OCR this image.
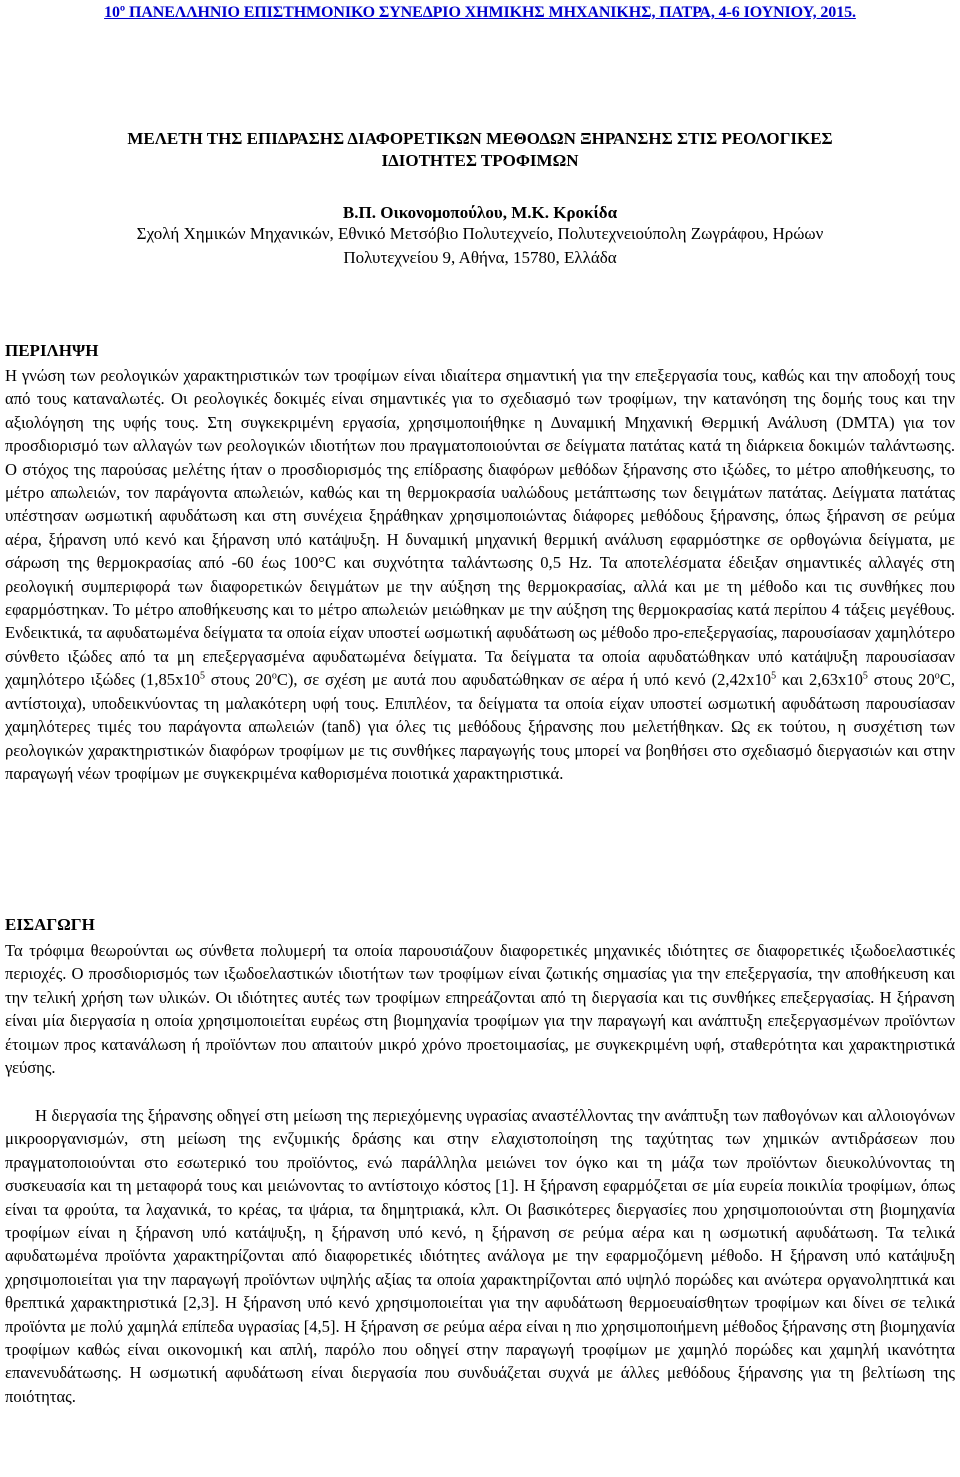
10º ΠΑΝΕΛΛΗΝΙΟ ΕΠΙΣΤΗΜΟΝΙΚΟ ΣΥΝΕΔΡΙΟ ΧΗΜΙΚΗΣ ΜΗΧΑΝΙΚΗΣ, ΠΑΤΡΑ, 4-6 ΙΟΥΝΙΟΥ, 2015.
ΜΕΛΕΤΗ ΤΗΣ ΕΠΙΔΡΑΣΗΣ ΔΙΑΦΟΡΕΤΙΚΩΝ ΜΕΘΟΔΩΝ ΞΗΡΑΝΣΗΣ ΣΤΙΣ ΡΕΟΛΟΓΙΚΕΣ
ΙΔΙΟΤΗΤΕΣ ΤΡΟΦΙΜΩΝ
Β.Π. Οικονομοπούλου, Μ.Κ. Κροκίδα
Σχολή Χημικών Μηχανικών, Εθνικό Μετσόβιο Πολυτεχνείο, Πολυτεχνειούπολη Ζωγράφου, Ηρώων
Πολυτεχνείου 9, Αθήνα, 15780, Ελλάδα
ΠΕΡΙΛΗΨΗ
Η γνώση των ρεολογικών χαρακτηριστικών των τροφίμων είναι ιδιαίτερα σημαντική για την επεξεργασία τους, καθώς και την αποδοχή τους από τους καταναλωτές. Οι ρεολογικές δοκιμές είναι σημαντικές για το σχεδιασμό των τροφίμων, την κατανόηση της δομής τους και την αξιολόγηση της υφής τους. Στη συγκεκριμένη εργασία, χρησιμοποιήθηκε η Δυναμική Μηχανική Θερμική Ανάλυση (DMTA) για τον προσδιορισμό των αλλαγών των ρεολογικών ιδιοτήτων που πραγματοποιούνται σε δείγματα πατάτας κατά τη διάρκεια δοκιμών ταλάντωσης. Ο στόχος της παρούσας μελέτης ήταν ο προσδιορισμός της επίδρασης διαφόρων μεθόδων ξήρανσης στο ιξώδες, το μέτρο αποθήκευσης, το μέτρο απωλειών, τον παράγοντα απωλειών, καθώς και τη θερμοκρασία υαλώδους μετάπτωσης των δειγμάτων πατάτας. Δείγματα πατάτας υπέστησαν ωσμωτική αφυδάτωση και στη συνέχεια ξηράθηκαν χρησιμοποιώντας διάφορες μεθόδους ξήρανσης, όπως ξήρανση σε ρεύμα αέρα, ξήρανση υπό κενό και ξήρανση υπό κατάψυξη. Η δυναμική μηχανική θερμική ανάλυση εφαρμόστηκε σε ορθογώνια δείγματα, με σάρωση της θερμοκρασίας από -60 έως 100°C και συχνότητα ταλάντωσης 0,5 Hz. Τα αποτελέσματα έδειξαν σημαντικές αλλαγές στη ρεολογική συμπεριφορά των διαφορετικών δειγμάτων με την αύξηση της θερμοκρασίας, αλλά και με τη μέθοδο και τις συνθήκες που εφαρμόστηκαν. Το μέτρο αποθήκευσης και το μέτρο απωλειών μειώθηκαν με την αύξηση της θερμοκρασίας κατά περίπου 4 τάξεις μεγέθους. Ενδεικτικά, τα αφυδατωμένα δείγματα τα οποία είχαν υποστεί ωσμωτική αφυδάτωση ως μέθοδο προ-επεξεργασίας, παρουσίασαν χαμηλότερο σύνθετο ιξώδες από τα μη επεξεργασμένα αφυδατωμένα δείγματα. Τα δείγματα τα οποία αφυδατώθηκαν υπό κατάψυξη παρουσίασαν χαμηλότερο ιξώδες ($1,85x10^5$ στους 20$^o$C), σε σχέση με αυτά που αφυδατώθηκαν σε αέρα ή υπό κενό ($2,42x10^5$ και $2,63x10^5$ στους 20$^o$C, αντίστοιχα), υποδεικνύοντας τη μαλακότερη υφή τους. Επιπλέον, τα δείγματα τα οποία είχαν υποστεί ωσμωτική αφυδάτωση παρουσίασαν χαμηλότερες τιμές του παράγοντα απωλειών (tanδ) για όλες τις μεθόδους ξήρανσης που μελετήθηκαν. Ως εκ τούτου, η συσχέτιση των ρεολογικών χαρακτηριστικών διαφόρων τροφίμων με τις συνθήκες παραγωγής τους μπορεί να βοηθήσει στο σχεδιασμό διεργασιών και στην παραγωγή νέων τροφίμων με συγκεκριμένα καθορισμένα ποιοτικά χαρακτηριστικά.
ΕΙΣΑΓΩΓΗ
Τα τρόφιμα θεωρούνται ως σύνθετα πολυμερή τα οποία παρουσιάζουν διαφορετικές μηχανικές ιδιότητες σε διαφορετικές ιξωδοελαστικές περιοχές. Ο προσδιορισμός των ιξωδοελαστικών ιδιοτήτων των τροφίμων είναι ζωτικής σημασίας για την επεξεργασία, την αποθήκευση και την τελική χρήση των υλικών. Οι ιδιότητες αυτές των τροφίμων επηρεάζονται από τη διεργασία και τις συνθήκες επεξεργασίας. Η ξήρανση είναι μία διεργασία η οποία χρησιμοποιείται ευρέως στη βιομηχανία τροφίμων για την παραγωγή και ανάπτυξη επεξεργασμένων προϊόντων έτοιμων προς κατανάλωση ή προϊόντων που απαιτούν μικρό χρόνο προετοιμασίας, με συγκεκριμένη υφή, σταθερότητα και χαρακτηριστικά γεύσης.
Η διεργασία της ξήρανσης οδηγεί στη μείωση της περιεχόμενης υγρασίας αναστέλλοντας την ανάπτυξη των παθογόνων και αλλοιογόνων μικροοργανισμών, στη μείωση της ενζυμικής δράσης και στην ελαχιστοποίηση της ταχύτητας των χημικών αντιδράσεων που πραγματοποιούνται στο εσωτερικό του προϊόντος, ενώ παράλληλα μειώνει τον όγκο και τη μάζα των προϊόντων διευκολύνοντας τη συσκευασία και τη μεταφορά τους και μειώνοντας το αντίστοιχο κόστος [1]. Η ξήρανση εφαρμόζεται σε μία ευρεία ποικιλία τροφίμων, όπως είναι τα φρούτα, τα λαχανικά, το κρέας, τα ψάρια, τα δημητριακά, κλπ. Οι βασικότερες διεργασίες που χρησιμοποιούνται στη βιομηχανία τροφίμων είναι η ξήρανση υπό κατάψυξη, η ξήρανση υπό κενό, η ξήρανση σε ρεύμα αέρα και η ωσμωτική αφυδάτωση. Τα τελικά αφυδατωμένα προϊόντα χαρακτηρίζονται από διαφορετικές ιδιότητες ανάλογα με την εφαρμοζόμενη μέθοδο. Η ξήρανση υπό κατάψυξη χρησιμοποιείται για την παραγωγή προϊόντων υψηλής αξίας τα οποία χαρακτηρίζονται από υψηλό πορώδες και ανώτερα οργανοληπτικά και θρεπτικά χαρακτηριστικά [2,3]. Η ξήρανση υπό κενό χρησιμοποιείται για την αφυδάτωση θερμοευαίσθητων τροφίμων και δίνει σε τελικά προϊόντα με πολύ χαμηλά επίπεδα υγρασίας [4,5]. Η ξήρανση σε ρεύμα αέρα είναι η πιο χρησιμοποιήμενη μέθοδος ξήρανσης στη βιομηχανία τροφίμων καθώς είναι οικονομική και απλή, παρόλο που οδηγεί στην παραγωγή τροφίμων με χαμηλό πορώδες και χαμηλή ικανότητα επανενυδάτωσης. Η ωσμωτική αφυδάτωση είναι διεργασία που συνδυάζεται συχνά με άλλες μεθόδους ξήρανσης για τη βελτίωση της ποιότητας.
